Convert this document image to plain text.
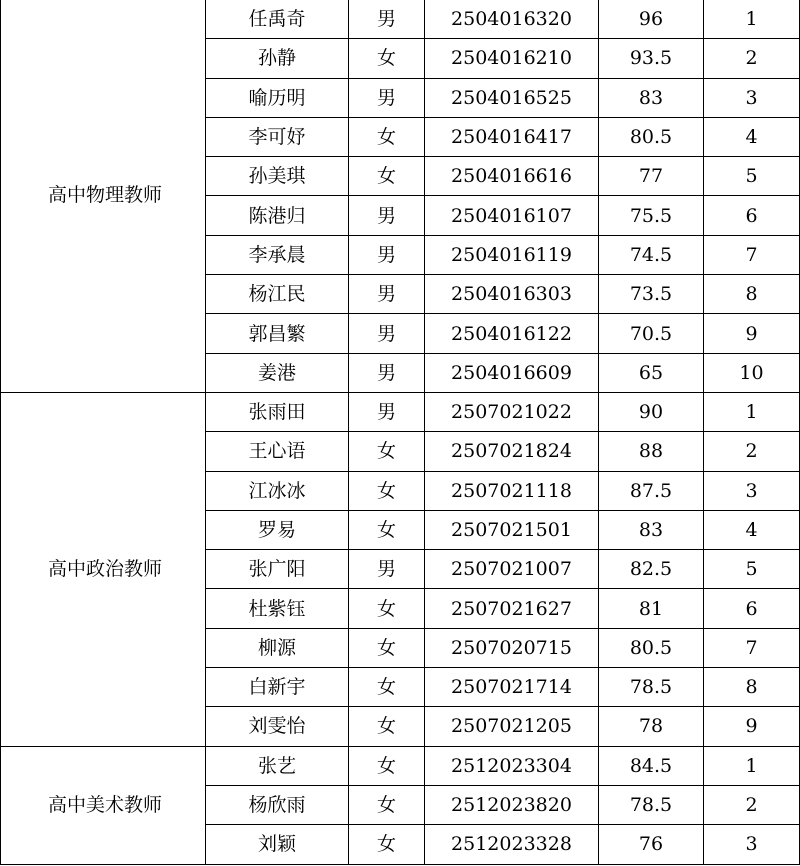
高中物理教师	任禹奇	男	2504016320	96	1
	孙静	女	2504016210	93.5	2
	喻历明	男	2504016525	83	3
	李可妤	女	2504016417	80.5	4
	孙美琪	女	2504016616	77	5
	陈港归	男	2504016107	75.5	6
	李承晨	男	2504016119	74.5	7
	杨江民	男	2504016303	73.5	8
	郭昌繁	男	2504016122	70.5	9
	姜港	男	2504016609	65	10
高中政治教师	张雨田	男	2507021022	90	1
	王心语	女	2507021824	88	2
	江冰冰	女	2507021118	87.5	3
	罗易	女	2507021501	83	4
	张广阳	男	2507021007	82.5	5
	杜紫钰	女	2507021627	81	6
	柳源	女	2507020715	80.5	7
	白新宇	女	2507021714	78.5	8
	刘雯怡	女	2507021205	78	9
高中美术教师	张艺	女	2512023304	84.5	1
	杨欣雨	女	2512023820	78.5	2
	刘颖	女	2512023328	76	3
